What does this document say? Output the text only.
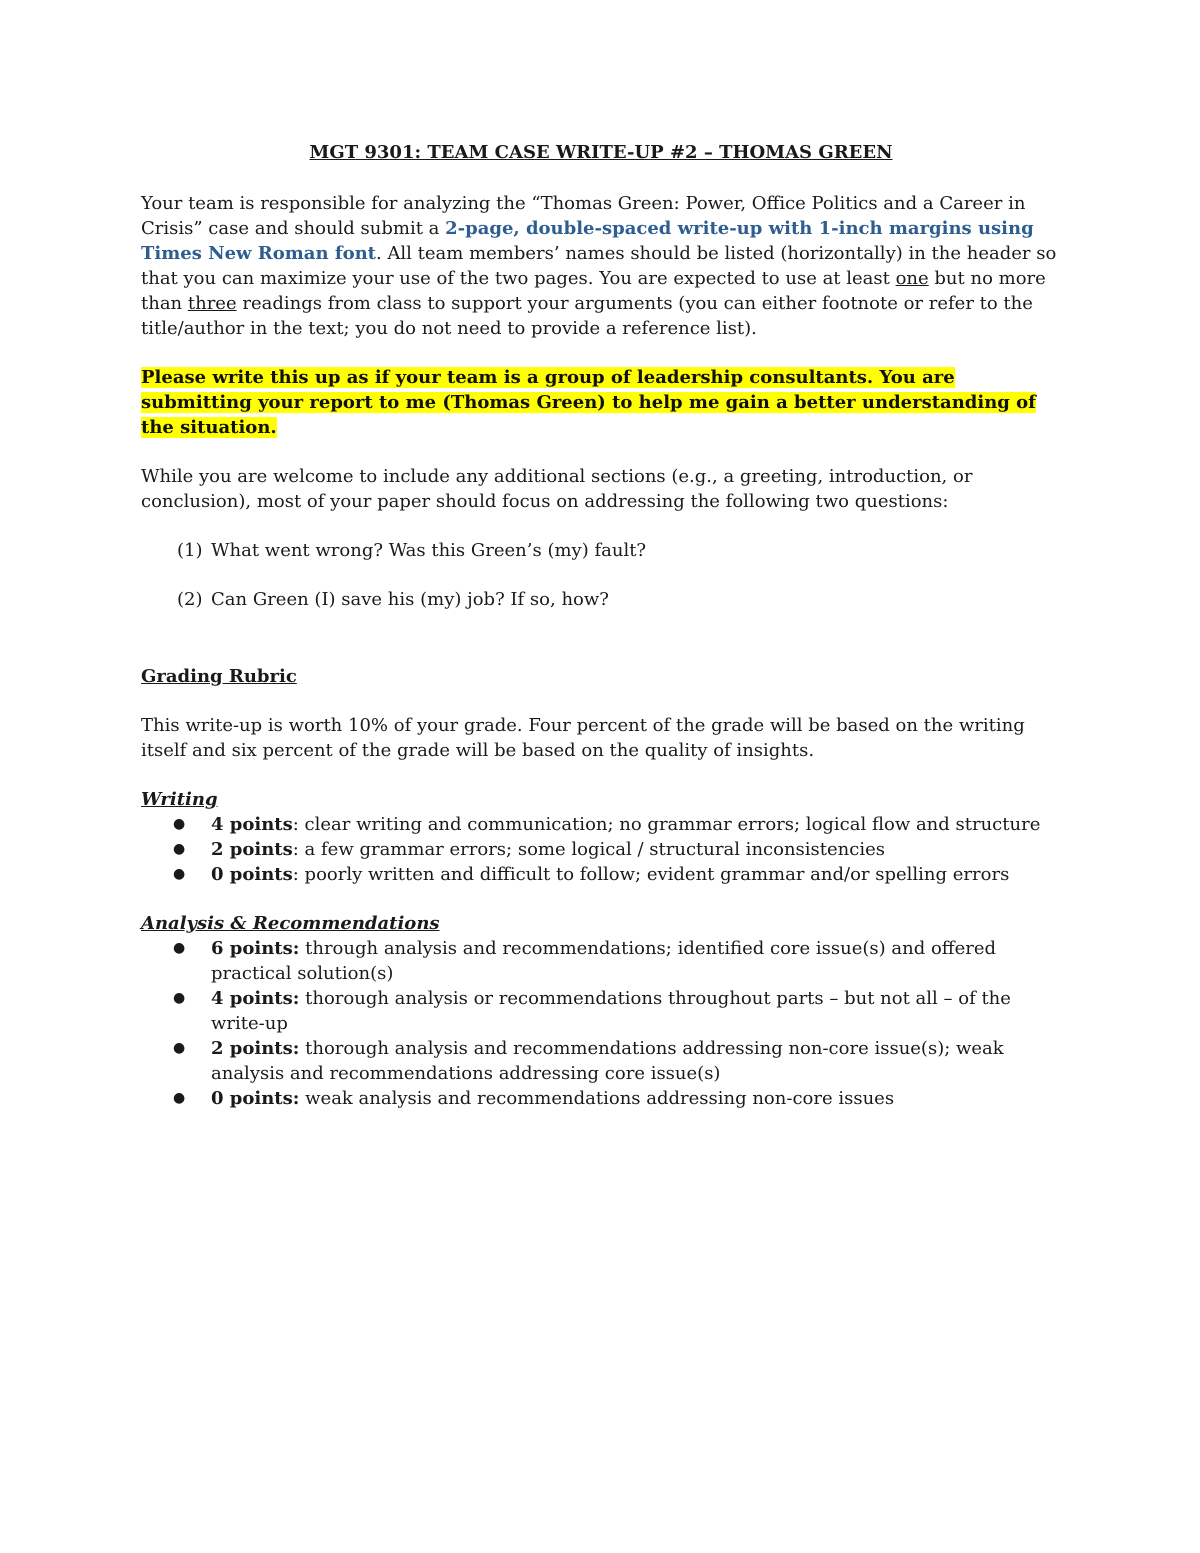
MGT 9301: TEAM CASE WRITE-UP #2 – THOMAS GREEN

Your team is responsible for analyzing the “Thomas Green: Power, Office Politics and a Career in Crisis” case and should submit a 2-page, double-spaced write-up with 1-inch margins using Times New Roman font. All team members’ names should be listed (horizontally) in the header so that you can maximize your use of the two pages. You are expected to use at least one but no more than three readings from class to support your arguments (you can either footnote or refer to the title/author in the text; you do not need to provide a reference list).

Please write this up as if your team is a group of leadership consultants. You are submitting your report to me (Thomas Green) to help me gain a better understanding of the situation.

While you are welcome to include any additional sections (e.g., a greeting, introduction, or conclusion), most of your paper should focus on addressing the following two questions:

(1) What went wrong? Was this Green’s (my) fault?
(2) Can Green (I) save his (my) job? If so, how?
Grading Rubric

This write-up is worth 10% of your grade. Four percent of the grade will be based on the writing itself and six percent of the grade will be based on the quality of insights.

Writing
●	4 points: clear writing and communication; no grammar errors; logical flow and structure
●	2 points: a few grammar errors; some logical / structural inconsistencies
●	0 points: poorly written and difficult to follow; evident grammar and/or spelling errors
Analysis & Recommendations
●	6 points: through analysis and recommendations; identified core issue(s) and offered practical solution(s)
●	4 points: thorough analysis or recommendations throughout parts – but not all – of the write-up
●	2 points: thorough analysis and recommendations addressing non-core issue(s); weak analysis and recommendations addressing core issue(s)
●	0 points: weak analysis and recommendations addressing non-core issues
